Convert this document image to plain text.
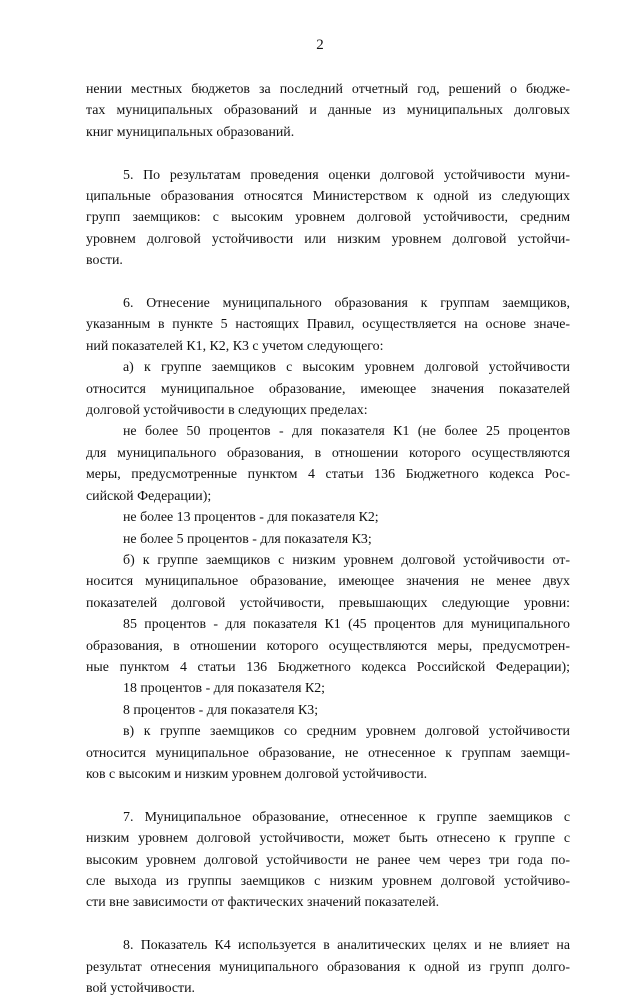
2
нении местных бюджетов за последний отчетный год, решений о бюдже-
тах муниципальных образований и данные из муниципальных долговых
книг муниципальных образований.
5. По результатам проведения оценки долговой устойчивости муни-
ципальные образования относятся Министерством к одной из следующих
групп заемщиков: с высоким уровнем долговой устойчивости, средним
уровнем долговой устойчивости или низким уровнем долговой устойчи-
вости.
6. Отнесение муниципального образования к группам заемщиков,
указанным в пункте 5 настоящих Правил, осуществляется на основе значе-
ний показателей К1, К2, К3 с учетом следующего:
а) к группе заемщиков с высоким уровнем долговой устойчивости
относится муниципальное образование, имеющее значения показателей
долговой устойчивости в следующих пределах:
не более 50 процентов - для показателя К1 (не более 25 процентов
для муниципального образования, в отношении которого осуществляются
меры, предусмотренные пунктом 4 статьи 136 Бюджетного кодекса Рос-
сийской Федерации);
не более 13 процентов - для показателя К2;
не более 5 процентов - для показателя К3;
б) к группе заемщиков с низким уровнем долговой устойчивости от-
носится муниципальное образование, имеющее значения не менее двух
показателей долговой устойчивости, превышающих следующие уровни:
85 процентов - для показателя К1 (45 процентов для муниципального
образования, в отношении которого осуществляются меры, предусмотрен-
ные пунктом 4 статьи 136 Бюджетного кодекса Российской Федерации);
18 процентов - для показателя К2;
8 процентов - для показателя К3;
в) к группе заемщиков со средним уровнем долговой устойчивости
относится муниципальное образование, не отнесенное к группам заемщи-
ков с высоким и низким уровнем долговой устойчивости.
7. Муниципальное образование, отнесенное к группе заемщиков с
низким уровнем долговой устойчивости, может быть отнесено к группе с
высоким уровнем долговой устойчивости не ранее чем через три года по-
сле выхода из группы заемщиков с низким уровнем долговой устойчиво-
сти вне зависимости от фактических значений показателей.
8. Показатель К4 используется в аналитических целях и не влияет на
результат отнесения муниципального образования к одной из групп долго-
вой устойчивости.
